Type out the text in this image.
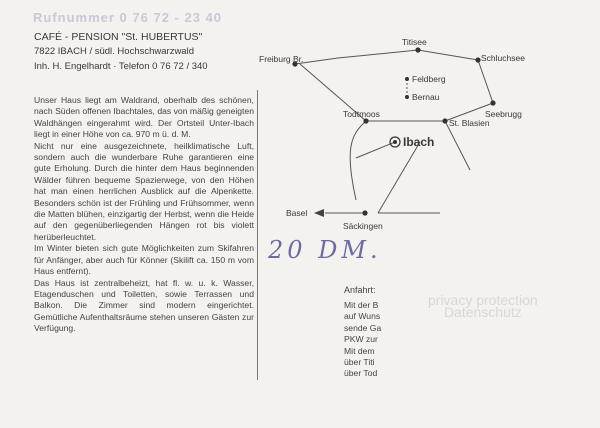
Rufnummer 0 76 72 - 23 40
CAFÉ - PENSION "St. HUBERTUS"
7822 IBACH / südl. Hochschwarzwald
Inh. H. Engelhardt · Telefon 0 76 72 / 340

Unser Haus liegt am Waldrand, oberhalb des schönen, nach Süden offenen Ibachtales, das von mäßig geneigten Waldhängen eingerahmt wird. Der Ortsteil Unter-Ibach liegt in einer Höhe von ca. 970 m ü. d. M.

Nicht nur eine ausgezeichnete, heilklimatische Luft, sondern auch die wunderbare Ruhe garantieren eine gute Erholung. Durch die hinter dem Haus beginnenden Wälder führen bequeme Spazierwege, von den Höhen hat man einen herrlichen Ausblick auf die Alpenkette. Besonders schön ist der Frühling und Frühsommer, wenn die Matten blühen, einzigartig der Herbst, wenn die Heide auf den gegenüberliegenden Hängen rot bis violett herüberleuchtet.

Im Winter bieten sich gute Möglichkeiten zum Skifahren für Anfänger, aber auch für Könner (Skilift ca. 150 m vom Haus entfernt).

Das Haus ist zentralbeheizt, hat fl. w. u. k. Wasser, Etagenduschen und Toiletten, sowie Terrassen und Balkon. Die Zimmer sind modern eingerichtet. Gemütliche Aufenthaltsräume stehen unseren Gästen zur Verfügung.

Freiburg Br.
Titisee
Schluchsee
Feldberg
Bernau
Seebrugg
Todtmoos
Ibach
St. Blasien
Basel
Säckingen
20 DM.
Anfahrt:

Mit der B

auf Wuns

sende Ga

PKW zur

Mit dem

über Titi

über Tod

privacy protection
Datenschutz
